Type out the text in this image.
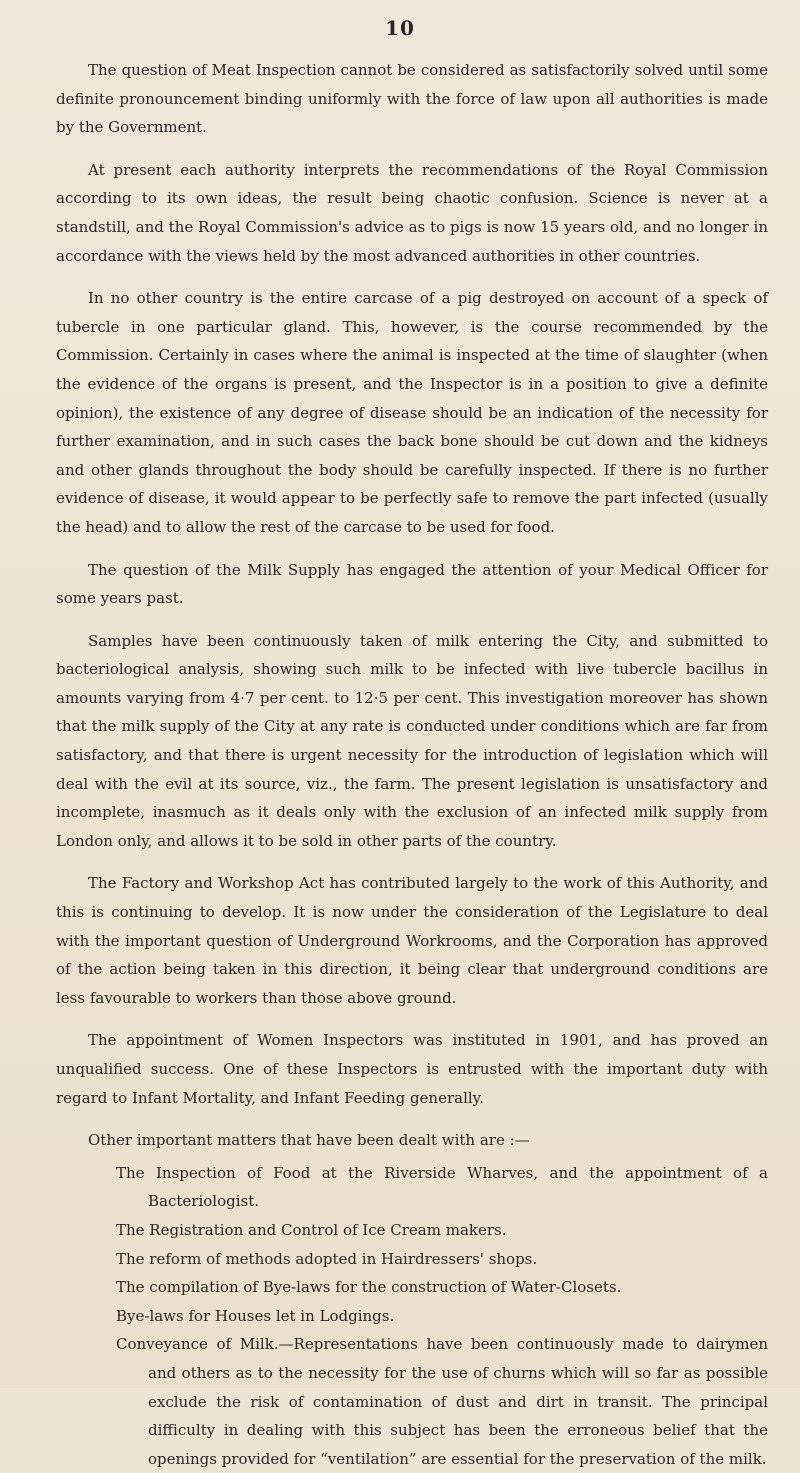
10

The question of Meat Inspection cannot be considered as satisfactorily solved until some definite pronouncement binding uniformly with the force of law upon all authorities is made by the Government.

At present each authority interprets the recommendations of the Royal Commission according to its own ideas, the result being chaotic confusion. Science is never at a standstill, and the Royal Commission's advice as to pigs is now 15 years old, and no longer in accordance with the views held by the most advanced authorities in other countries.

In no other country is the entire carcase of a pig destroyed on account of a speck of tubercle in one particular gland. This, however, is the course recommended by the Commission. Certainly in cases where the animal is inspected at the time of slaughter (when the evidence of the organs is present, and the Inspector is in a position to give a definite opinion), the existence of any degree of disease should be an indication of the necessity for further examination, and in such cases the back bone should be cut down and the kidneys and other glands throughout the body should be carefully inspected. If there is no further evidence of disease, it would appear to be perfectly safe to remove the part infected (usually the head) and to allow the rest of the carcase to be used for food.

The question of the Milk Supply has engaged the attention of your Medical Officer for some years past.

Samples have been continuously taken of milk entering the City, and submitted to bacteriological analysis, showing such milk to be infected with live tubercle bacillus in amounts varying from 4·7 per cent. to 12·5 per cent. This investigation moreover has shown that the milk supply of the City at any rate is conducted under conditions which are far from satisfactory, and that there is urgent necessity for the introduction of legislation which will deal with the evil at its source, viz., the farm. The present legislation is unsatisfactory and incomplete, inasmuch as it deals only with the exclusion of an infected milk supply from London only, and allows it to be sold in other parts of the country.

The Factory and Workshop Act has contributed largely to the work of this Authority, and this is continuing to develop. It is now under the consideration of the Legislature to deal with the important question of Underground Workrooms, and the Corporation has approved of the action being taken in this direction, it being clear that underground conditions are less favourable to workers than those above ground.

The appointment of Women Inspectors was instituted in 1901, and has proved an unqualified success. One of these Inspectors is entrusted with the important duty with regard to Infant Mortality, and Infant Feeding generally.

Other important matters that have been dealt with are :—

The Inspection of Food at the Riverside Wharves, and the appointment of a Bacteriologist.

The Registration and Control of Ice Cream makers.

The reform of methods adopted in Hairdressers' shops.

The compilation of Bye-laws for the construction of Water-Closets.

Bye-laws for Houses let in Lodgings.

Conveyance of Milk.—Representations have been continuously made to dairymen and others as to the necessity for the use of churns which will so far as possible exclude the risk of contamination of dust and dirt in transit. The principal difficulty in dealing with this subject has been the erroneous belief that the openings provided for “ventilation” are essential for the preservation of the milk.
